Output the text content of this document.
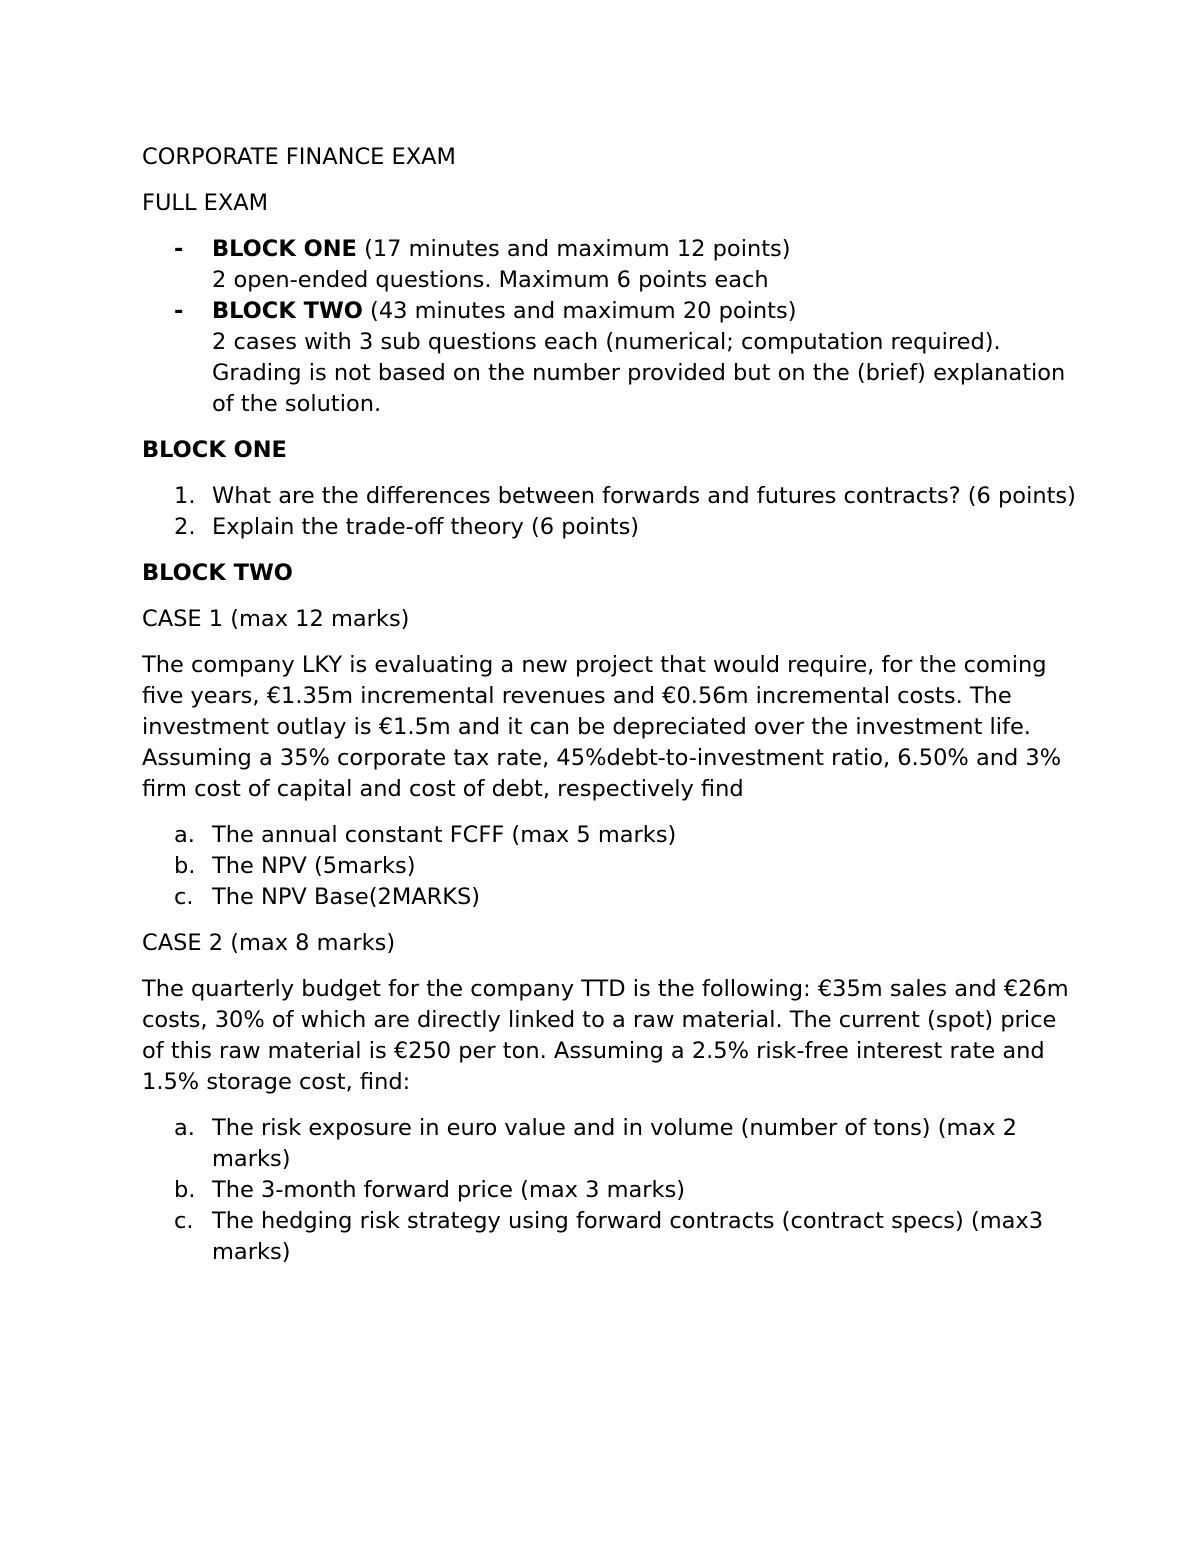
CORPORATE FINANCE EXAM

FULL EXAM

- BLOCK ONE (17 minutes and maximum 12 points)
2 open-ended questions. Maximum 6 points each
- BLOCK TWO (43 minutes and maximum 20 points)
2 cases with 3 sub questions each (numerical; computation required). Grading is not based on the number provided but on the (brief) explanation of the solution.

BLOCK ONE

1. What are the differences between forwards and futures contracts? (6 points)
2. Explain the trade-off theory (6 points)

BLOCK TWO

CASE 1 (max 12 marks)

The company LKY is evaluating a new project that would require, for the coming five years, €1.35m incremental revenues and €0.56m incremental costs. The investment outlay is €1.5m and it can be depreciated over the investment life. Assuming a 35% corporate tax rate, 45%debt-to-investment ratio, 6.50% and 3% firm cost of capital and cost of debt, respectively find

a. The annual constant FCFF (max 5 marks)
b. The NPV (5marks)
c. The NPV Base(2MARKS)

CASE 2 (max 8 marks)

The quarterly budget for the company TTD is the following: €35m sales and €26m costs, 30% of which are directly linked to a raw material. The current (spot) price of this raw material is €250 per ton. Assuming a 2.5% risk-free interest rate and 1.5% storage cost, find:

a. The risk exposure in euro value and in volume (number of tons) (max 2 marks)
b. The 3-month forward price (max 3 marks)
c. The hedging risk strategy using forward contracts (contract specs) (max3 marks)
